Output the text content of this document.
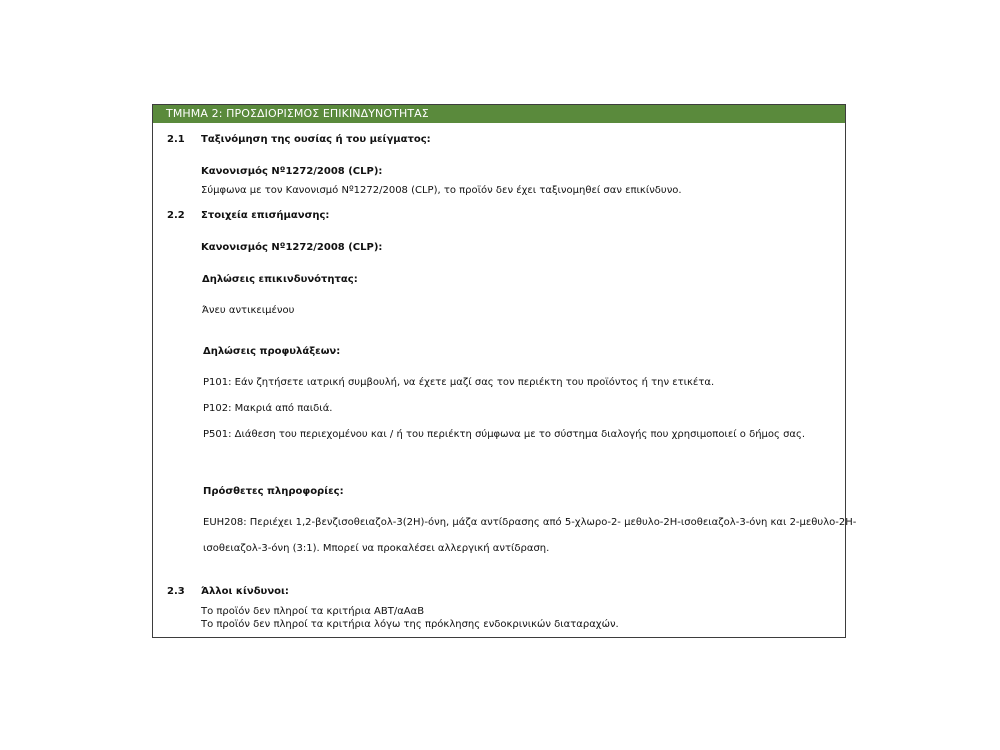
ΤΜΗΜΑ 2: ΠΡΟΣΔΙΟΡΙΣΜΟΣ ΕΠΙΚΙΝΔΥΝΟΤΗΤΑΣ
2.1 Ταξινόμηση της ουσίας ή του μείγματος:
Κανονισμός Nº1272/2008 (CLP):
Σύμφωνα με τον Κανονισμό Nº1272/2008 (CLP), το προϊόν δεν έχει ταξινομηθεί σαν επικίνδυνο.
2.2 Στοιχεία επισήμανσης:
Κανονισμός Nº1272/2008 (CLP):
Δηλώσεις επικινδυνότητας:
Άνευ αντικειμένου
Δηλώσεις προφυλάξεων:
P101: Εάν ζητήσετε ιατρική συμβουλή, να έχετε μαζί σας τον περιέκτη του προϊόντος ή την ετικέτα.
P102: Μακριά από παιδιά.
P501: Διάθεση του περιεχομένου και / ή του περιέκτη σύμφωνα με το σύστημα διαλογής που χρησιμοποιεί ο δήμος σας.
Πρόσθετες πληροφορίες:
EUH208: Περιέχει 1,2-βενζισοθειαζολ-3(2H)-όνη, μάζα αντίδρασης από 5-χλωρο-2- μεθυλο-2H-ισοθειαζολ-3-όνη και 2-μεθυλο-2H-
ισοθειαζολ-3-όνη (3:1). Μπορεί να προκαλέσει αλλεργική αντίδραση.
2.3 Άλλοι κίνδυνοι:
Το προϊόν δεν πληροί τα κριτήρια ΑΒΤ/αΑαΒ
Το προϊόν δεν πληροί τα κριτήρια λόγω της πρόκλησης ενδοκρινικών διαταραχών.
